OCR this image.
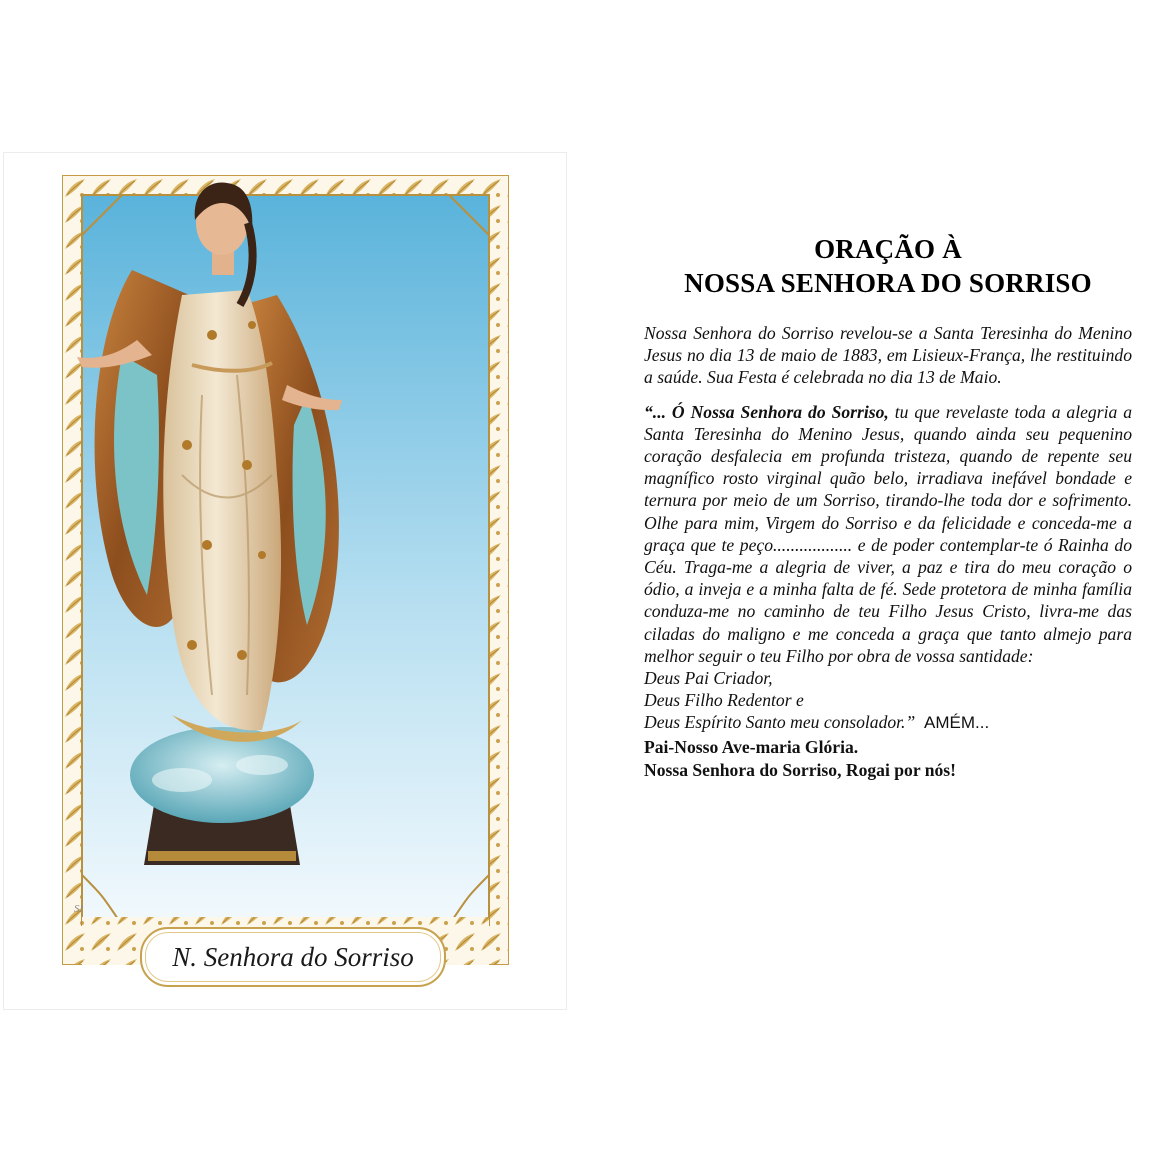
S!
N. Senhora do Sorriso
ORAÇÃO À
NOSSA SENHORA DO SORRISO

Nossa Senhora do Sorriso revelou-se a Santa Teresinha do Menino Jesus no dia 13 de maio de 1883, em Lisieux-França, lhe restituindo a saúde. Sua Festa é celebrada no dia 13 de Maio.

“... Ó Nossa Senhora do Sorriso, tu que revelaste toda a alegria a Santa Teresinha do Menino Jesus, quando ainda seu pequenino coração desfalecia em profunda tristeza, quando de repente seu magnífico rosto virginal quão belo, irradiava inefável bondade e ternura por meio de um Sorriso, tirando-lhe toda dor e sofrimento. Olhe para mim, Virgem do Sorriso e da felicidade e conceda-me a graça que te peço.................. e de poder contemplar-te ó Rainha do Céu. Traga-me a alegria de viver, a paz e tira do meu coração o ódio, a inveja e a minha falta de fé. Sede protetora de minha família conduza-me no caminho de teu Filho Jesus Cristo, livra-me das ciladas do maligno e me conceda a graça que tanto almejo para melhor seguir o teu Filho por obra de vossa santidade:
Deus Pai Criador,
Deus Filho Redentor e
Deus Espírito Santo meu consolador.” AMÉM...

Pai-Nosso Ave-maria Glória.

Nossa Senhora do Sorriso, Rogai por nós!
